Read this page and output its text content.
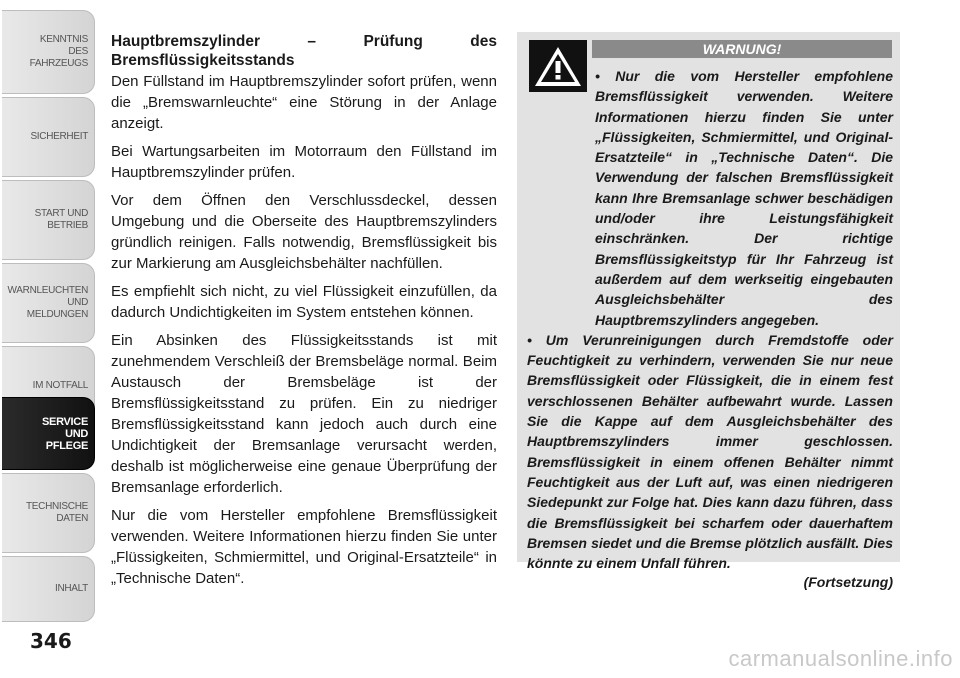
KENNTNIS
DES
FAHRZEUGS
SICHERHEIT
START UND
BETRIEB
WARNLEUCHTEN
UND
MELDUNGEN
IM NOTFALL
SERVICE
UND
PFLEGE
TECHNISCHE
DATEN
INHALT
346
Hauptbremszylinder – Prüfung des Bremsflüssigkeitsstands

Den Füllstand im Hauptbremszylinder sofort prüfen, wenn die „Bremswarnleuchte“ eine Störung in der Anlage anzeigt.

Bei Wartungsarbeiten im Motorraum den Füllstand im Hauptbremszylinder prüfen.

Vor dem Öffnen den Verschlussdeckel, dessen Umgebung und die Oberseite des Hauptbremszylinders gründlich reinigen. Falls notwendig, Bremsflüssigkeit bis zur Markierung am Ausgleichsbehälter nachfüllen.

Es empfiehlt sich nicht, zu viel Flüssigkeit einzufüllen, da dadurch Undichtigkeiten im System entstehen können.

Ein Absinken des Flüssigkeitsstands ist mit zunehmendem Verschleiß der Bremsbeläge normal. Beim Austausch der Bremsbeläge ist der Bremsflüssigkeitsstand zu prüfen. Ein zu niedriger Bremsflüssigkeitsstand kann jedoch auch durch eine Undichtigkeit der Bremsanlage verursacht werden, deshalb ist möglicherweise eine genaue Überprüfung der Bremsanlage erforderlich.

Nur die vom Hersteller empfohlene Bremsflüssigkeit verwenden. Weitere Informationen hierzu finden Sie unter „Flüssigkeiten, Schmiermittel, und Original-Ersatzteile“ in „Technische Daten“.

WARNUNG!

• Nur die vom Hersteller empfohlene Bremsflüssigkeit verwenden. Weitere Informationen hierzu finden Sie unter „Flüssigkeiten, Schmiermittel, und Original-Ersatzteile“ in „Technische Daten“. Die Verwendung der falschen Bremsflüssigkeit kann Ihre Bremsanlage schwer beschädigen und/oder ihre Leistungsfähigkeit einschränken. Der richtige Bremsflüssigkeitstyp für Ihr Fahrzeug ist außerdem auf dem werkseitig eingebauten Ausgleichsbehälter des Hauptbremszylinders angegeben.

• Um Verunreinigungen durch Fremdstoffe oder Feuchtigkeit zu verhindern, verwenden Sie nur neue Bremsflüssigkeit oder Flüssigkeit, die in einem fest verschlossenen Behälter aufbewahrt wurde. Lassen Sie die Kappe auf dem Ausgleichsbehälter des Hauptbremszylinders immer geschlossen. Bremsflüssigkeit in einem offenen Behälter nimmt Feuchtigkeit aus der Luft auf, was einen niedrigeren Siedepunkt zur Folge hat. Dies kann dazu führen, dass die Bremsflüssigkeit bei scharfem oder dauerhaftem Bremsen siedet und die Bremse plötzlich ausfällt. Dies könnte zu einem Unfall führen.

(Fortsetzung)
carmanualsonline.info
